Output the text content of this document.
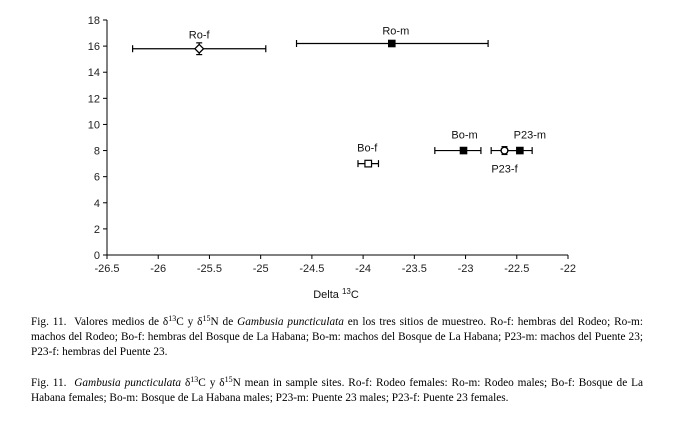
0
2
4
6
8
10
12
14
16
18
-26.5	-26	-25.5	-25	-24.5	-24	-23.5	-23	-22.5	-22
Ro-f	Ro-m
Bo-f
Bo-m	P23-m
P23-f
Delta $^{13}$C
Fig. 11. Valores medios de $\delta^{13}C$ y $\delta^{15}N$ de Gambusia puncticulata en los tres sitios de muestreo. Ro-f: hembras del Rodeo; Ro-m: machos del Rodeo; Bo-f: hembras del Bosque de La Habana; Bo-m: machos del Bosque de La Habana; P23-m: machos del Puente 23; P23-f: hembras del Puente 23.
Fig. 11. Gambusia puncticulata $\delta^{13}C$ y $\delta^{15}N$ mean in sample sites. Ro-f: Rodeo females: Ro-m: Rodeo males; Bo-f: Bosque de La Habana females; Bo-m: Bosque de La Habana males; P23-m: Puente 23 males; P23-f: Puente 23 females.
